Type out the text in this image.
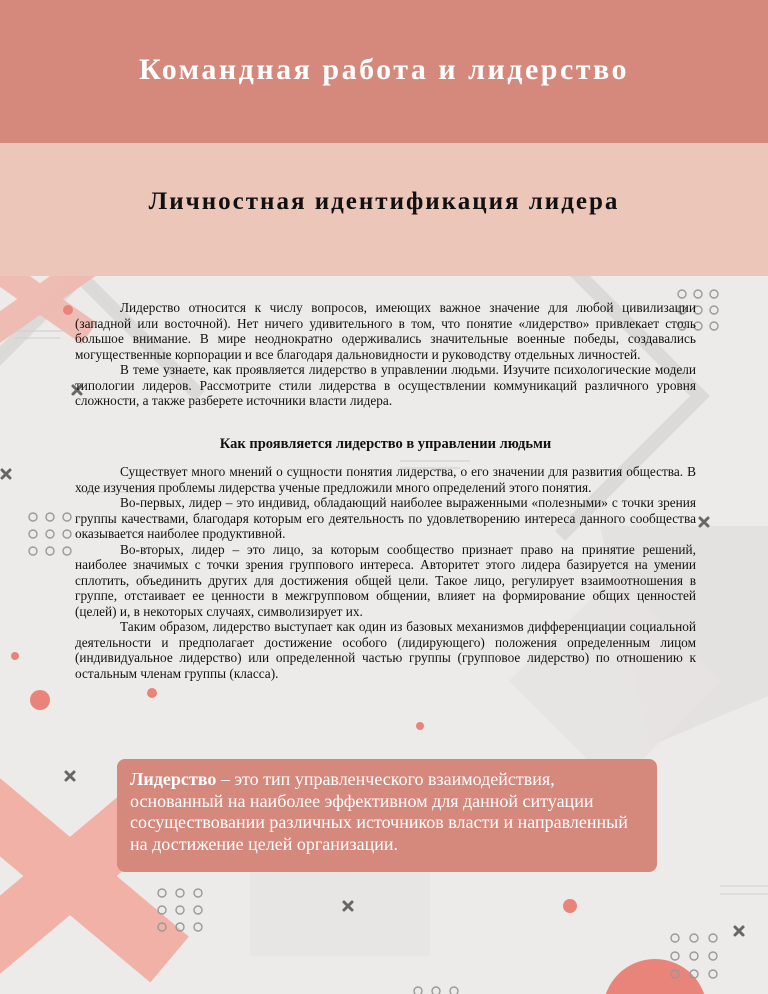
Командная работа и лидерство
Личностная идентификация лидера

Лидерство относится к числу вопросов, имеющих важное значение для любой цивилизации (западной или восточной). Нет ничего удивительного в том, что понятие «лидерство» привлекает столь большое внимание. В мире неоднократно одерживались значительные военные победы, создавались могущественные корпорации и все благодаря дальновидности и руководству отдельных личностей.

В теме узнаете, как проявляется лидерство в управлении людьми. Изучите психологические модели типологии лидеров. Рассмотрите стили лидерства в осуществлении коммуникаций различного уровня сложности, а также разберете источники власти лидера.

Как проявляется лидерство в управлении людьми

Существует много мнений о сущности понятия лидерства, о его значении для развития общества. В ходе изучения проблемы лидерства ученые предложили много определений этого понятия.

Во-первых, лидер – это индивид, обладающий наиболее выраженными «полезными» с точки зрения группы качествами, благодаря которым его деятельность по удовлетворению интереса данного сообщества оказывается наиболее продуктивной.

Во-вторых, лидер – это лицо, за которым сообщество признает право на принятие решений, наиболее значимых с точки зрения группового интереса. Авторитет этого лидера базируется на умении сплотить, объединить других для достижения общей цели. Такое лицо, регулирует взаимоотношения в группе, отстаивает ее ценности в межгрупповом общении, влияет на формирование общих ценностей (целей) и, в некоторых случаях, символизирует их.

Таким образом, лидерство выступает как один из базовых механизмов дифференциации социальной деятельности и предполагает достижение особого (лидирующего) положения определенным лицом (индивидуальное лидерство) или определенной частью группы (групповое лидерство) по отношению к остальным членам группы (класса).

Лидерство – это тип управленческого взаимодействия, основанный на наиболее эффективном для данной ситуации сосуществовании различных источников власти и направленный на достижение целей организации.
